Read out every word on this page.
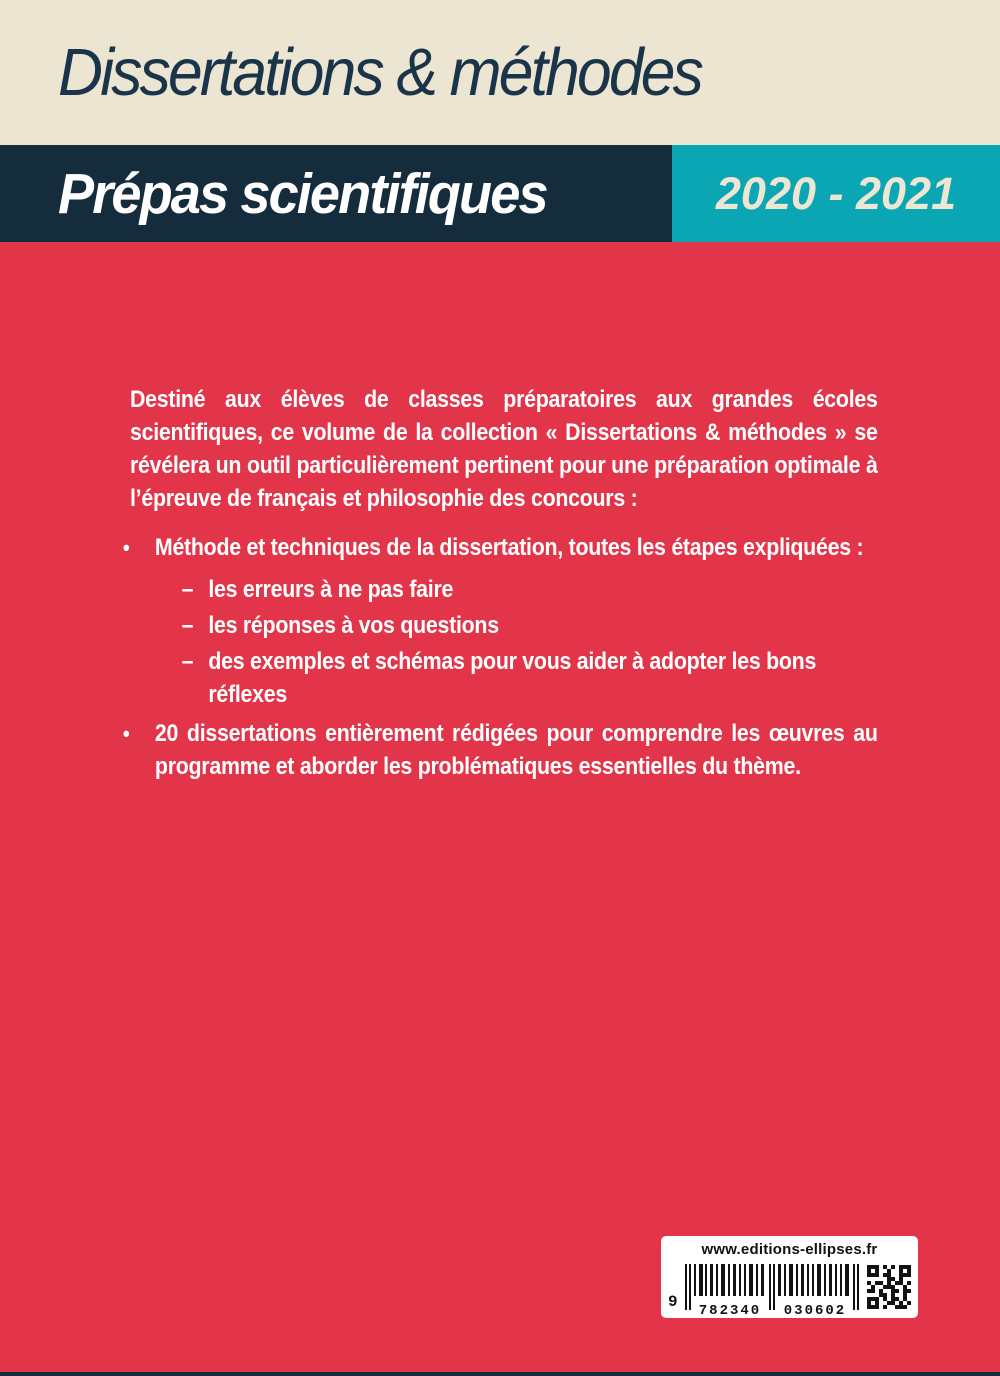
Dissertations & méthodes
Prépas scientifiques	2020 - 2021

Destiné aux élèves de classes préparatoires aux grandes écoles scientifiques, ce volume de la collection « Dissertations & méthodes » se révélera un outil particulièrement pertinent pour une préparation optimale à l’épreuve de français et philosophie des concours :

• Méthode et techniques de la dissertation, toutes les étapes expliquées :
– les erreurs à ne pas faire
– les réponses à vos questions
– des exemples et schémas pour vous aider à adopter les bons réflexes
• 20 dissertations entièrement rédigées pour comprendre les œuvres au programme et aborder les problématiques essentielles du thème.
www.editions-ellipses.fr
9	782340	030602
